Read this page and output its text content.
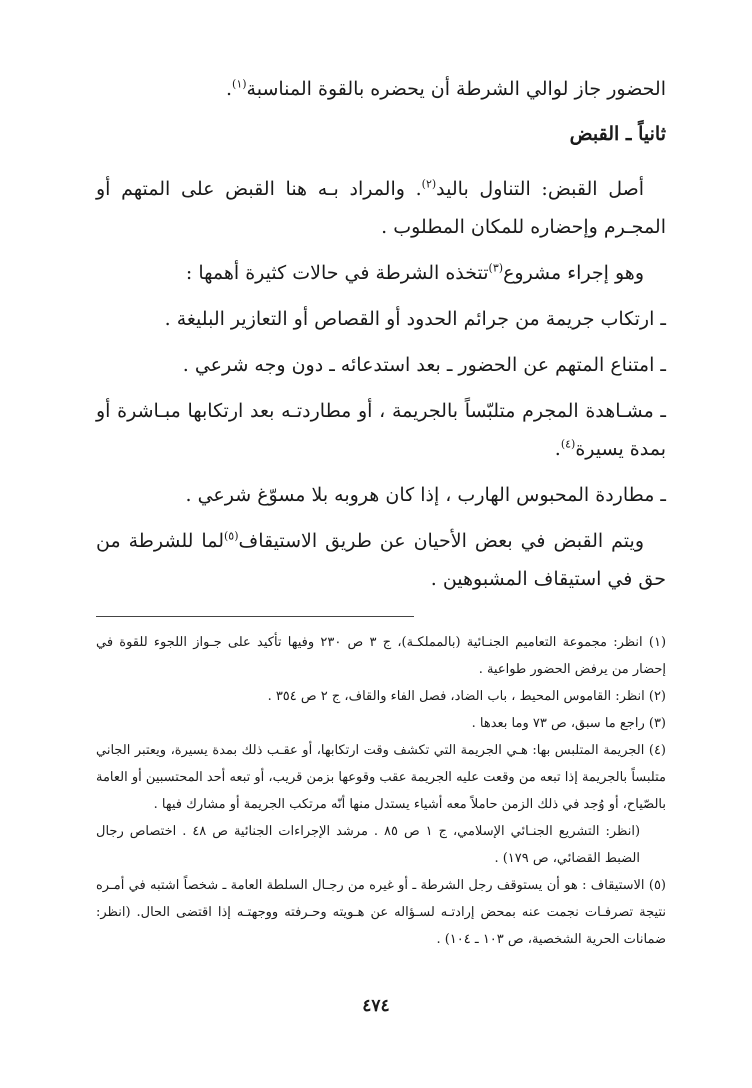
الحضور جاز لوالي الشرطة أن يحضره بالقوة المناسبة$^{(١)}$.

ثانياً ـ القبض

أصل القبض: التناول باليد$^{(٢)}$. والمراد بـه هنا القبض على المتهم أو المجـرم وإحضاره للمكان المطلوب .

وهو إجراء مشروع$^{(٣)}$تتخذه الشرطة في حالات كثيرة أهمها :

ـ ارتكاب جريمة من جرائم الحدود أو القصاص أو التعازير البليغة .

ـ امتناع المتهم عن الحضور ـ بعد استدعائه ـ دون وجه شرعي .

ـ مشـاهدة المجرم متلبّساً بالجريمة ، أو مطاردتـه بعد ارتكابها مبـاشرة أو بمدة يسيرة$^{(٤)}$.

ـ مطاردة المحبوس الهارب ، إذا كان هروبه بلا مسوّغ شرعي .

ويتم القبض في بعض الأحيان عن طريق الاستيقاف$^{(٥)}$لما للشرطة من حق في استيقاف المشبوهين .

(١) انظر: مجموعة التعاميم الجنـائية (بالمملكـة)، ج ٣ ص ٢٣٠ وفيها تأكيد على جـواز اللجوء للقوة في إحضار من يرفض الحضور طواعية .

(٢) انظر: القاموس المحيط ، باب الضاد، فصل الفاء والقاف، ج ٢ ص ٣٥٤ .

(٣) راجع ما سبق، ص ٧٣ وما بعدها .

(٤) الجريمة المتلبس بها: هـي الجريمة التي تكشف وقت ارتكابها، أو عقـب ذلك بمدة يسيرة، ويعتبر الجاني متلبساً بالجريمة إذا تبعه من وقعت عليه الجريمة عقب وقوعها بزمن قريب، أو تبعه أحد المحتسبين أو العامة بالصّياح، أو وُجد في ذلك الزمن حاملاً معه أشياء يستدل منها أنّه مرتكب الجريمة أو مشارك فيها .

(انظر: التشريع الجنـائي الإسلامي، ج ١ ص ٨٥ . مرشد الإجراءات الجنائية ص ٤٨ . اختصاص رجال الضبط القضائي، ص ١٧٩) .

(٥) الاستيقاف : هو أن يستوقف رجل الشرطة ـ أو غيره من رجـال السلطة العامة ـ شخصاً اشتبه في أمـره نتيجة تصرفـات نجمت عنه بمحض إرادتـه لسـؤاله عن هـويته وحـرفته ووجهتـه إذا اقتضى الحال. (انظر: ضمانات الحرية الشخصية، ص ١٠٣ ـ ١٠٤) .

٤٧٤
